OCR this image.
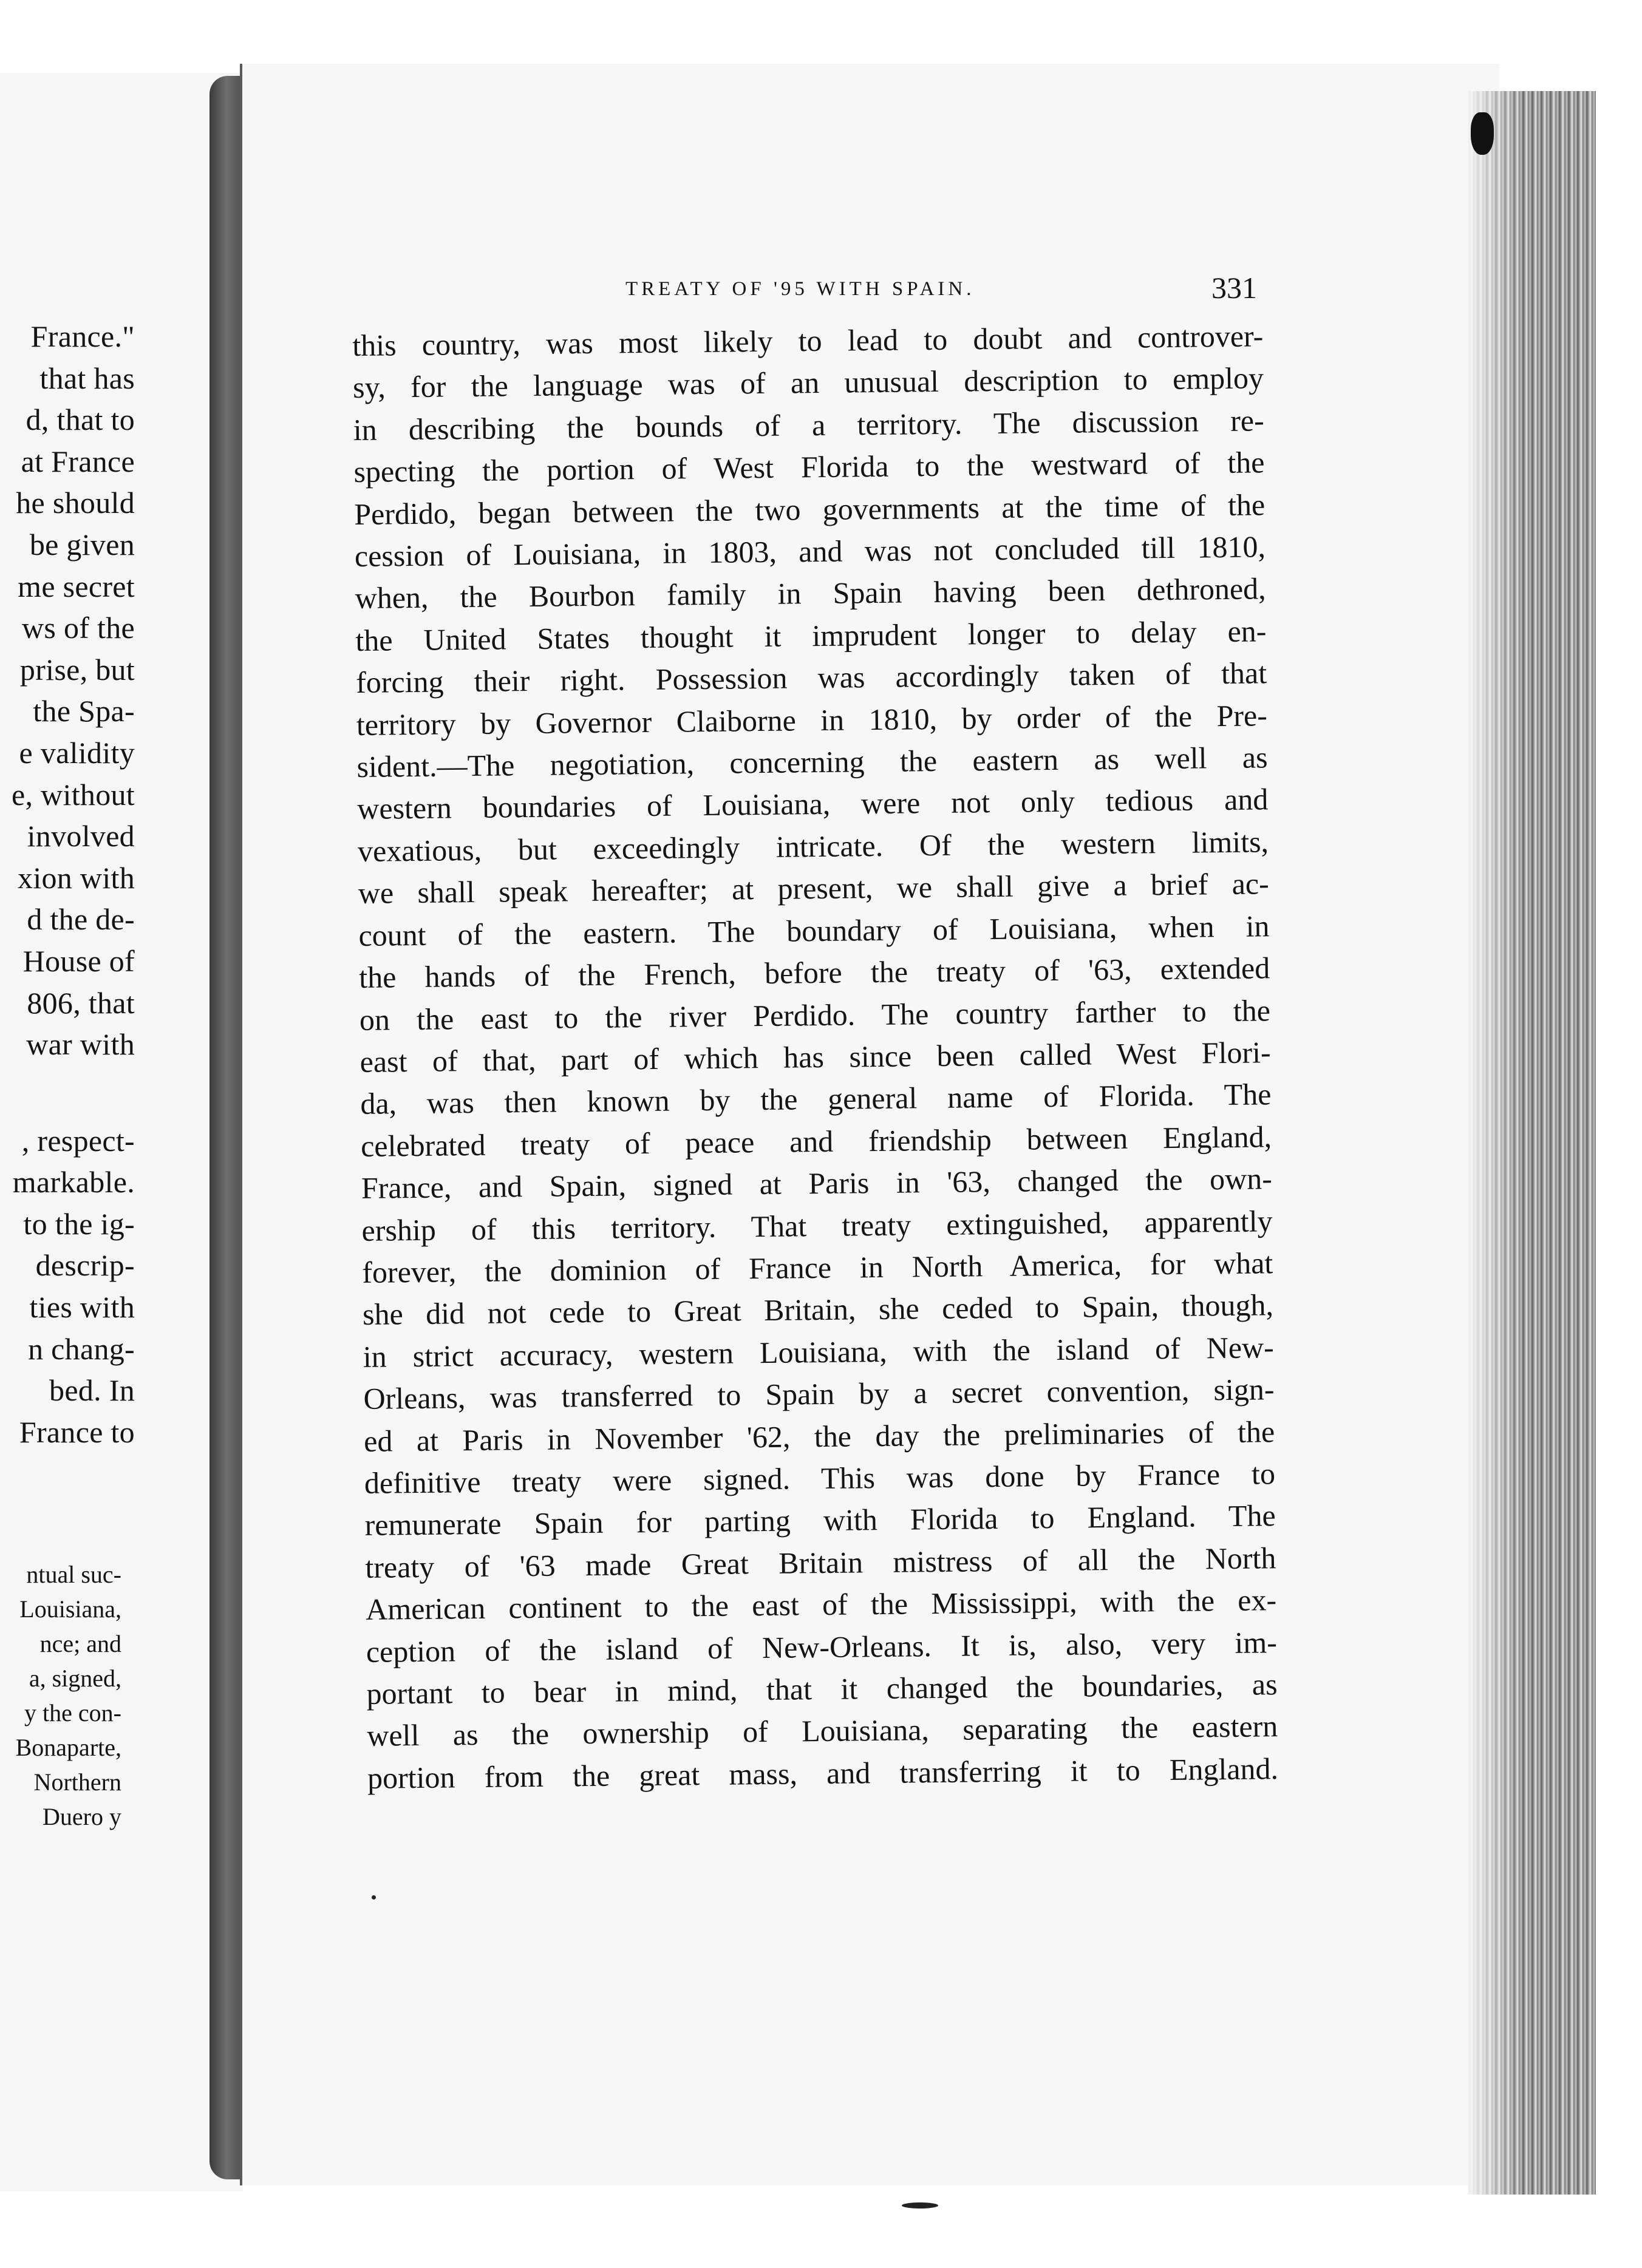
France."
that has
d, that to
at France
he should
be given
me secret
ws of the
prise, but
the Spa-
e validity
e, without
involved
xion with
d the de-
House of
806, that
war with
, respect-
markable.
to the ig-
descrip-
ties with
n chang-
bed. In
France to
ntual suc-
Louisiana,
nce; and
a, signed,
y the con-
Bonaparte,
Northern
Duero y
TREATY OF '95 WITH SPAIN.	331
this country, was most likely to lead to doubt and controver-
sy, for the language was of an unusual description to employ
in describing the bounds of a territory. The discussion re-
specting the portion of West Florida to the westward of the
Perdido, began between the two governments at the time of the
cession of Louisiana, in 1803, and was not concluded till 1810,
when, the Bourbon family in Spain having been dethroned,
the United States thought it imprudent longer to delay en-
forcing their right. Possession was accordingly taken of that
territory by Governor Claiborne in 1810, by order of the Pre-
sident.—The negotiation, concerning the eastern as well as
western boundaries of Louisiana, were not only tedious and
vexatious, but exceedingly intricate. Of the western limits,
we shall speak hereafter; at present, we shall give a brief ac-
count of the eastern. The boundary of Louisiana, when in
the hands of the French, before the treaty of '63, extended
on the east to the river Perdido. The country farther to the
east of that, part of which has since been called West Flori-
da, was then known by the general name of Florida. The
celebrated treaty of peace and friendship between England,
France, and Spain, signed at Paris in '63, changed the own-
ership of this territory. That treaty extinguished, apparently
forever, the dominion of France in North America, for what
she did not cede to Great Britain, she ceded to Spain, though,
in strict accuracy, western Louisiana, with the island of New-
Orleans, was transferred to Spain by a secret convention, sign-
ed at Paris in November '62, the day the preliminaries of the
definitive treaty were signed. This was done by France to
remunerate Spain for parting with Florida to England. The
treaty of '63 made Great Britain mistress of all the North
American continent to the east of the Mississippi, with the ex-
ception of the island of New-Orleans. It is, also, very im-
portant to bear in mind, that it changed the boundaries, as
well as the ownership of Louisiana, separating the eastern
portion from the great mass, and transferring it to England.
